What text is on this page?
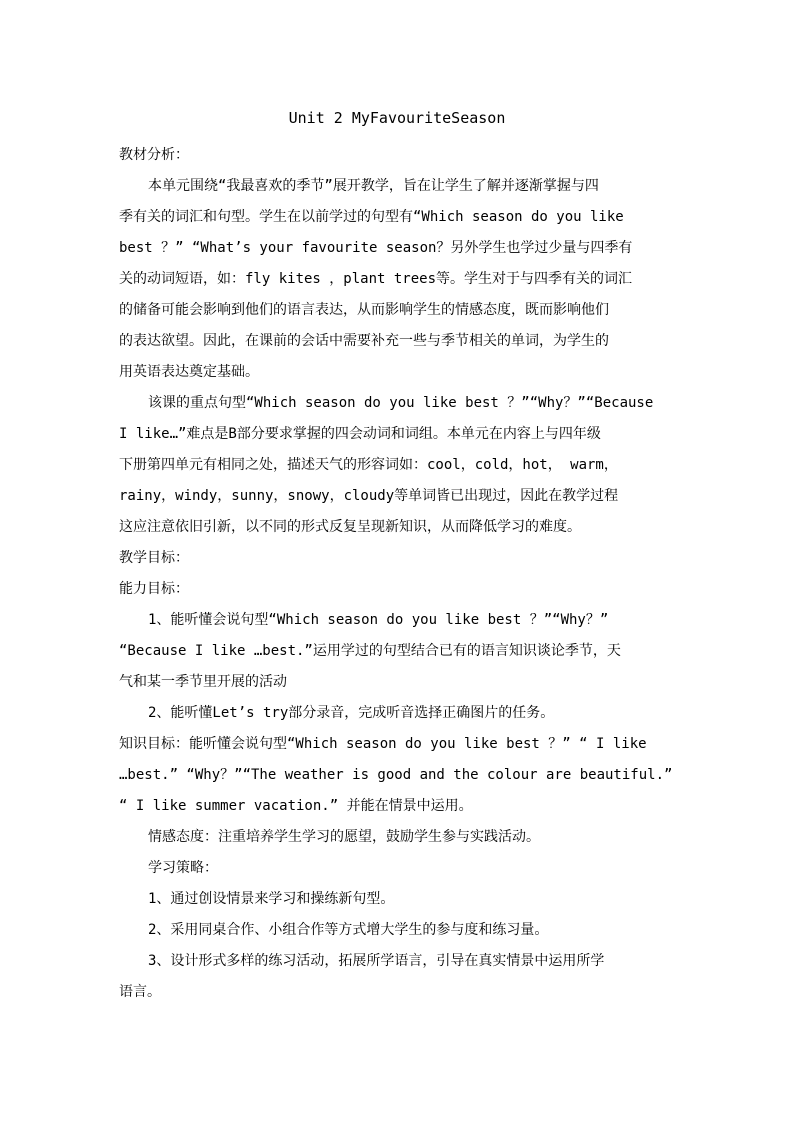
Unit 2 MyFavouriteSeason
教材分析：
本单元围绕“我最喜欢的季节”展开教学，旨在让学生了解并逐渐掌握与四
季有关的词汇和句型。学生在以前学过的句型有“Which season do you like
best ？” “What’s your favourite season？另外学生也学过少量与四季有
关的动词短语，如：fly kites ，plant trees等。学生对于与四季有关的词汇
的储备可能会影响到他们的语言表达，从而影响学生的情感态度，既而影响他们
的表达欲望。因此，在课前的会话中需要补充一些与季节相关的单词，为学生的
用英语表达奠定基础。
该课的重点句型“Which season do you like best ？”“Why？”“Because
I like…”难点是B部分要求掌握的四会动词和词组。本单元在内容上与四年级
下册第四单元有相同之处，描述天气的形容词如：cool，cold，hot， warm，
rainy，windy，sunny，snowy，cloudy等单词皆已出现过，因此在教学过程
这应注意依旧引新，以不同的形式反复呈现新知识，从而降低学习的难度。
教学目标：
能力目标：
1、能听懂会说句型“Which season do you like best ？”“Why？”
“Because I like …best.”运用学过的句型结合已有的语言知识谈论季节，天
气和某一季节里开展的活动
2、能听懂Let’s try部分录音，完成听音选择正确图片的任务。
知识目标：能听懂会说句型“Which season do you like best ？” “ I like
…best.” “Why？”“The weather is good and the colour are beautiful.”
“ I like summer vacation.” 并能在情景中运用。
情感态度：注重培养学生学习的愿望，鼓励学生参与实践活动。
学习策略：
1、通过创设情景来学习和操练新句型。
2、采用同桌合作、小组合作等方式增大学生的参与度和练习量。
3、设计形式多样的练习活动，拓展所学语言，引导在真实情景中运用所学
语言。
